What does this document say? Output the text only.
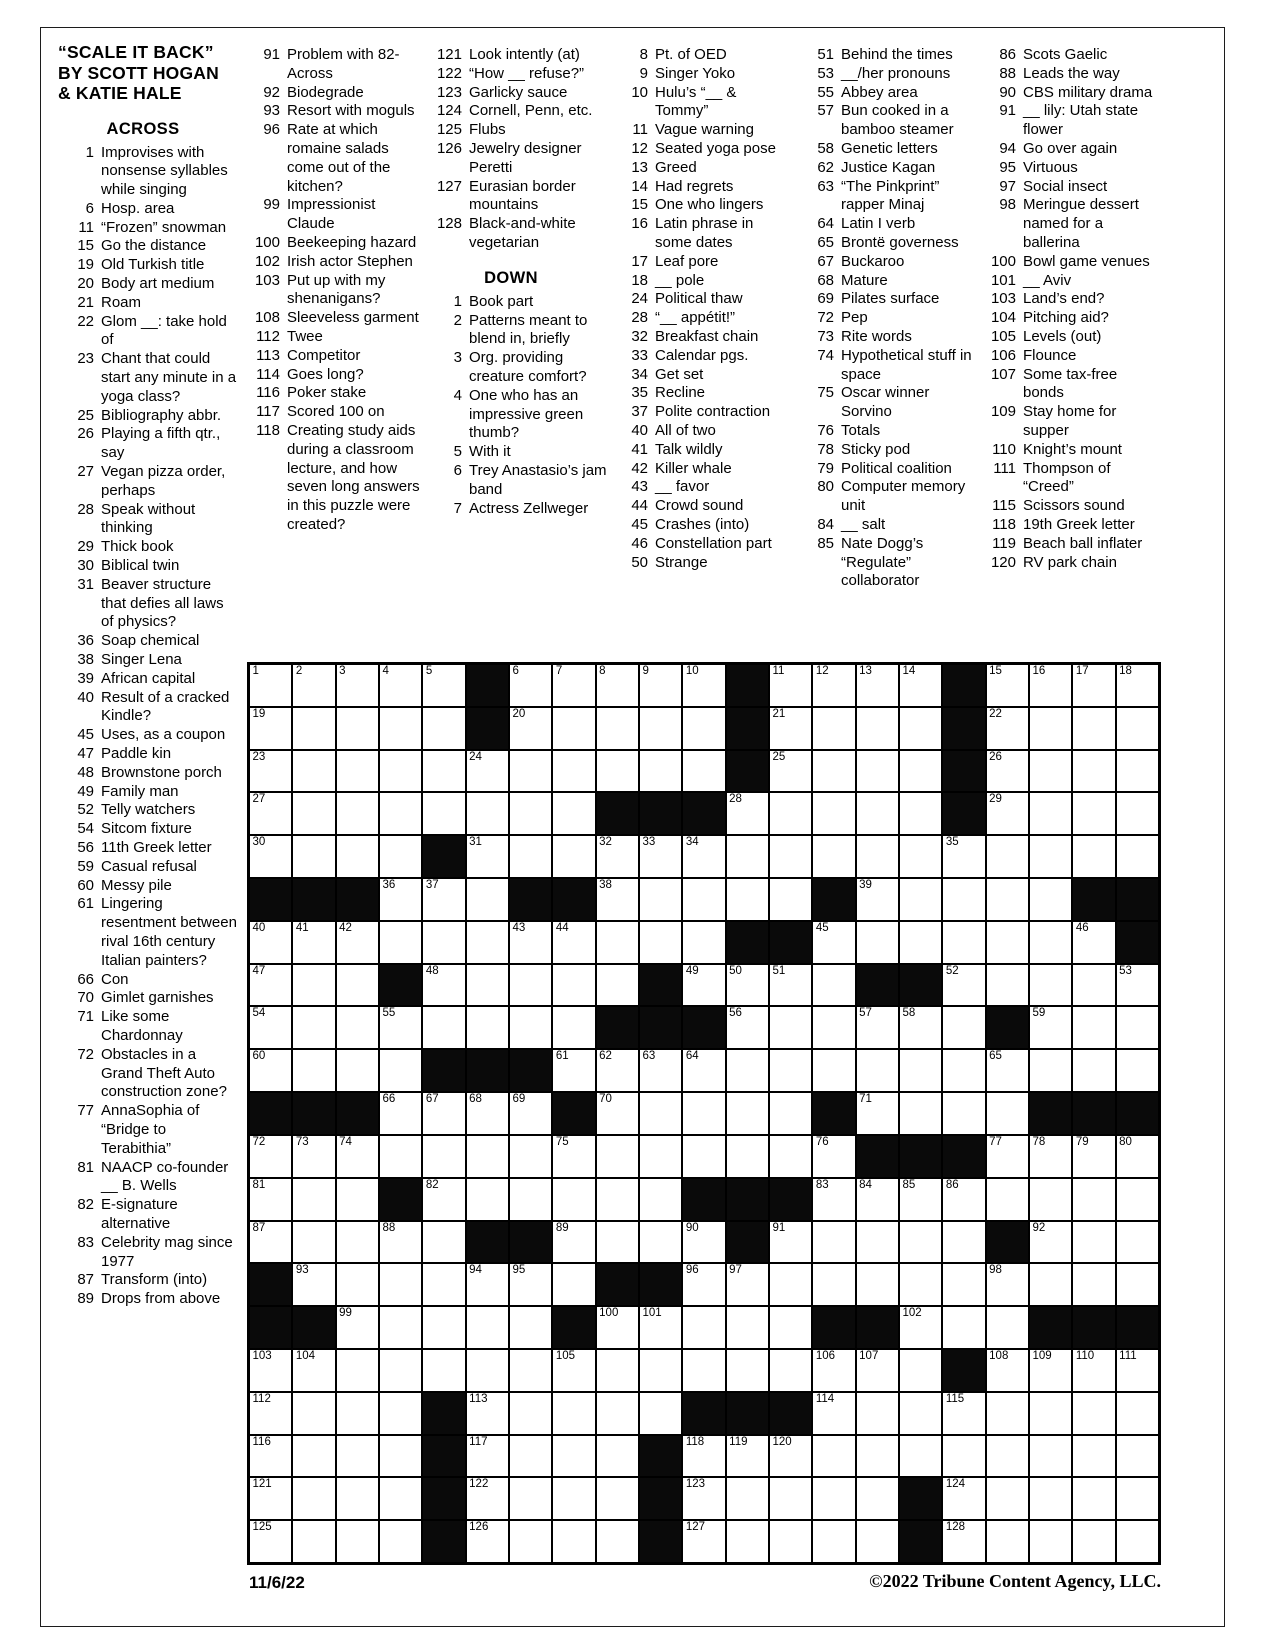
“SCALE IT BACK”
BY SCOTT HOGAN
& KATIE HALE
ACROSS
1 Improvises with nonsense syllables while singing
6 Hosp. area
11 “Frozen” snowman
15 Go the distance
19 Old Turkish title
20 Body art medium
21 Roam
22 Glom __: take hold of
23 Chant that could start any minute in a yoga class?
25 Bibliography abbr.
26 Playing a fifth qtr., say
27 Vegan pizza order, perhaps
28 Speak without thinking
29 Thick book
30 Biblical twin
31 Beaver structure that defies all laws of physics?
36 Soap chemical
38 Singer Lena
39 African capital
40 Result of a cracked Kindle?
45 Uses, as a coupon
47 Paddle kin
48 Brownstone porch
49 Family man
52 Telly watchers
54 Sitcom fixture
56 11th Greek letter
59 Casual refusal
60 Messy pile
61 Lingering resentment between rival 16th century Italian painters?
66 Con
70 Gimlet garnishes
71 Like some Chardonnay
72 Obstacles in a Grand Theft Auto construction zone?
77 AnnaSophia of “Bridge to Terabithia”
81 NAACP co-founder __ B. Wells
82 E-signature alternative
83 Celebrity mag since 1977
87 Transform (into)
89 Drops from above
91 Problem with 82-Across
92 Biodegrade
93 Resort with moguls
96 Rate at which romaine salads come out of the kitchen?
99 Impressionist Claude
100 Beekeeping hazard
102 Irish actor Stephen
103 Put up with my shenanigans?
108 Sleeveless garment
112 Twee
113 Competitor
114 Goes long?
116 Poker stake
117 Scored 100 on
118 Creating study aids during a classroom lecture, and how seven long answers in this puzzle were created?
121 Look intently (at)
122 “How __ refuse?”
123 Garlicky sauce
124 Cornell, Penn, etc.
125 Flubs
126 Jewelry designer Peretti
127 Eurasian border mountains
128 Black-and-white vegetarian
DOWN
1 Book part
2 Patterns meant to blend in, briefly
3 Org. providing creature comfort?
4 One who has an impressive green thumb?
5 With it
6 Trey Anastasio’s jam band
7 Actress Zellweger
8 Pt. of OED
9 Singer Yoko
10 Hulu’s “__ & Tommy”
11 Vague warning
12 Seated yoga pose
13 Greed
14 Had regrets
15 One who lingers
16 Latin phrase in some dates
17 Leaf pore
18 __ pole
24 Political thaw
28 “__ appétit!”
32 Breakfast chain
33 Calendar pgs.
34 Get set
35 Recline
37 Polite contraction
40 All of two
41 Talk wildly
42 Killer whale
43 __ favor
44 Crowd sound
45 Crashes (into)
46 Constellation part
50 Strange
51 Behind the times
53 __/her pronouns
55 Abbey area
57 Bun cooked in a bamboo steamer
58 Genetic letters
62 Justice Kagan
63 “The Pinkprint” rapper Minaj
64 Latin I verb
65 Brontë governess
67 Buckaroo
68 Mature
69 Pilates surface
72 Pep
73 Rite words
74 Hypothetical stuff in space
75 Oscar winner Sorvino
76 Totals
78 Sticky pod
79 Political coalition
80 Computer memory unit
84 __ salt
85 Nate Dogg’s “Regulate” collaborator
86 Scots Gaelic
88 Leads the way
90 CBS military drama
91 __ lily: Utah state flower
94 Go over again
95 Virtuous
97 Social insect
98 Meringue dessert named for a ballerina
100 Bowl game venues
101 __ Aviv
103 Land’s end?
104 Pitching aid?
105 Levels (out)
106 Flounce
107 Some tax-free bonds
109 Stay home for supper
110 Knight’s mount
111 Thompson of “Creed”
115 Scissors sound
118 19th Greek letter
119 Beach ball inflater
120 RV park chain
1	2	3	4	5	6	7	8	9	10	11	12	13	14	15	16	17	18
19	20	21	22
23	24	25	26
27	28	29
30	31	32	33	34	35
36	37	38	39
40	41	42	43	44	45	46
47	48	49	50	51	52	53
54	55	56	57	58	59
60	61	62	63	64	65
66	67	68	69	70	71
72	73	74	75	76	77	78	79	80
81	82	83	84	85	86
87	88	89	90	91	92
93	94	95	96	97	98
99	100 101	102
103 104	105	106 107	108 109 110 111
112	113	114	115
116	117	118 119 120
121	122	123	124
125	126	127	128
11/6/22	©2022 Tribune Content Agency, LLC.
